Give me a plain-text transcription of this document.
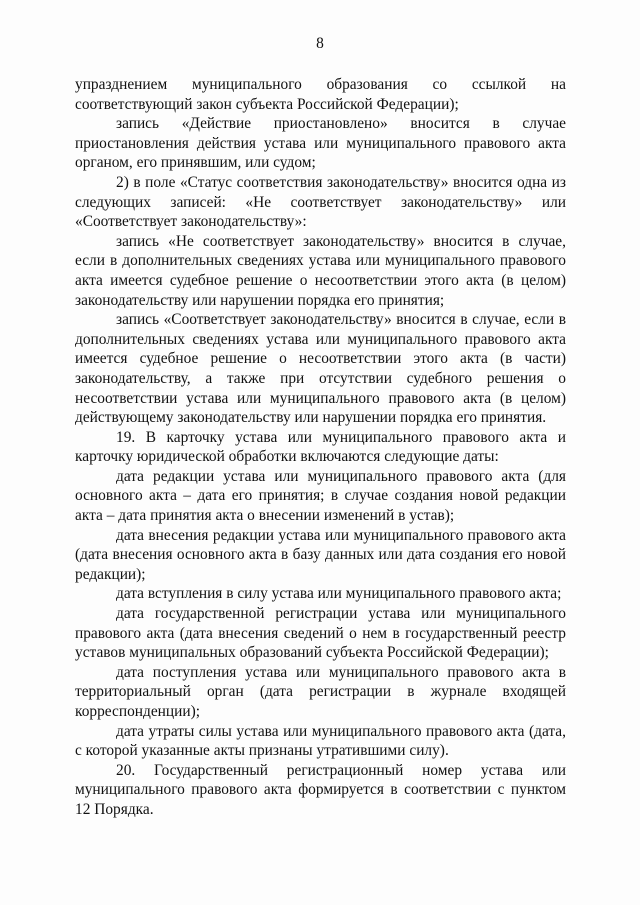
8

упразднением муниципального образования со ссылкой на соответствующий закон субъекта Российской Федерации);

запись «Действие приостановлено» вносится в случае приостановления действия устава или муниципального правового акта органом, его принявшим, или судом;

2) в поле «Статус соответствия законодательству» вносится одна из следующих записей: «Не соответствует законодательству» или «Соответствует законодательству»:

запись «Не соответствует законодательству» вносится в случае, если в дополнительных сведениях устава или муниципального правового акта имеется судебное решение о несоответствии этого акта (в целом) законодательству или нарушении порядка его принятия;

запись «Соответствует законодательству» вносится в случае, если в дополнительных сведениях устава или муниципального правового акта имеется судебное решение о несоответствии этого акта (в части) законодательству, а также при отсутствии судебного решения о несоответствии устава или муниципального правового акта (в целом) действующему законодательству или нарушении порядка его принятия.

19. В карточку устава или муниципального правового акта и карточку юридической обработки включаются следующие даты:

дата редакции устава или муниципального правового акта (для основного акта – дата его принятия; в случае создания новой редакции акта – дата принятия акта о внесении изменений в устав);

дата внесения редакции устава или муниципального правового акта (дата внесения основного акта в базу данных или дата создания его новой редакции);

дата вступления в силу устава или муниципального правового акта;

дата государственной регистрации устава или муниципального правового акта (дата внесения сведений о нем в государственный реестр уставов муниципальных образований субъекта Российской Федерации);

дата поступления устава или муниципального правового акта в территориальный орган (дата регистрации в журнале входящей корреспонденции);

дата утраты силы устава или муниципального правового акта (дата, с которой указанные акты признаны утратившими силу).

20. Государственный регистрационный номер устава или муниципального правового акта формируется в соответствии с пунктом 12 Порядка.
